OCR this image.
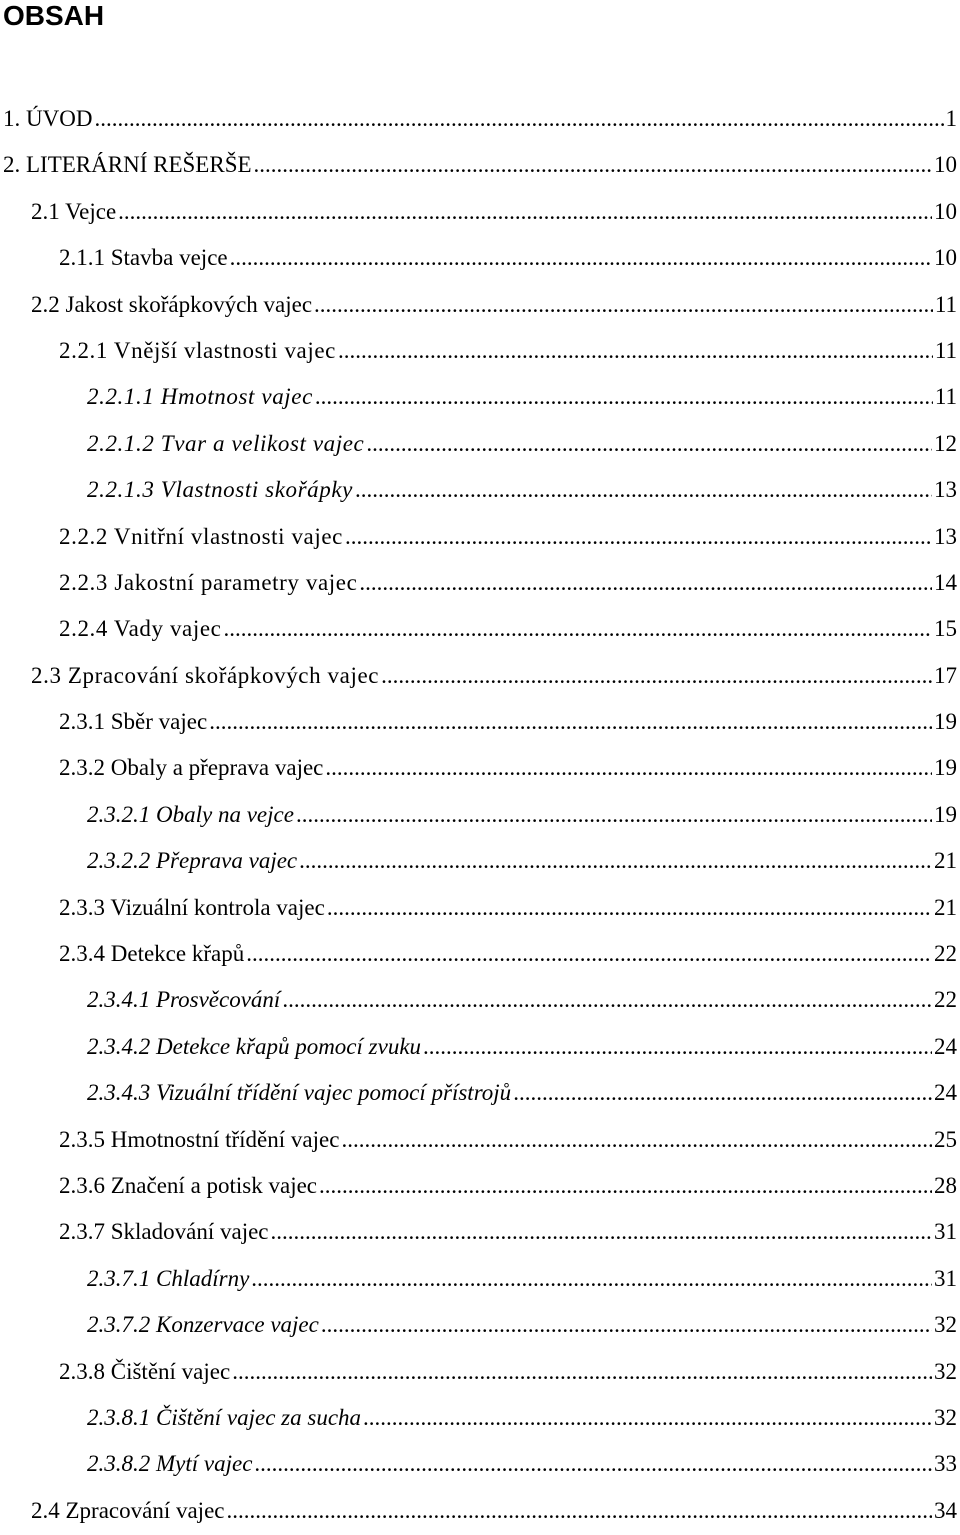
OBSAH
1. ÚVOD .....	1
2. LITERÁRNÍ REŠERŠE .....	10
2.1 Vejce .....	10
2.1.1 Stavba vejce .....	10
2.2 Jakost skořápkových vajec .....	11
2.2.1 Vnější vlastnosti vajec .....	11
2.2.1.1 Hmotnost vajec .....	11
2.2.1.2 Tvar a velikost vajec .....	12
2.2.1.3 Vlastnosti skořápky .....	13
2.2.2 Vnitřní vlastnosti vajec .....	13
2.2.3 Jakostní parametry vajec .....	14
2.2.4 Vady vajec .....	15
2.3 Zpracování skořápkových vajec .....	17
2.3.1 Sběr vajec .....	19
2.3.2 Obaly a přeprava vajec .....	19
2.3.2.1 Obaly na vejce .....	19
2.3.2.2 Přeprava vajec .....	21
2.3.3 Vizuální kontrola vajec .....	21
2.3.4 Detekce křapů .....	22
2.3.4.1 Prosvěcování .....	22
2.3.4.2 Detekce křapů pomocí zvuku .....	24
2.3.4.3 Vizuální třídění vajec pomocí přístrojů .....	24
2.3.5 Hmotnostní třídění vajec .....	25
2.3.6 Značení a potisk vajec .....	28
2.3.7 Skladování vajec .....	31
2.3.7.1 Chladírny .....	31
2.3.7.2 Konzervace vajec .....	32
2.3.8 Čištění vajec .....	32
2.3.8.1 Čištění vajec za sucha .....	32
2.3.8.2 Mytí vajec .....	33
2.4 Zpracování vajec .....	34
